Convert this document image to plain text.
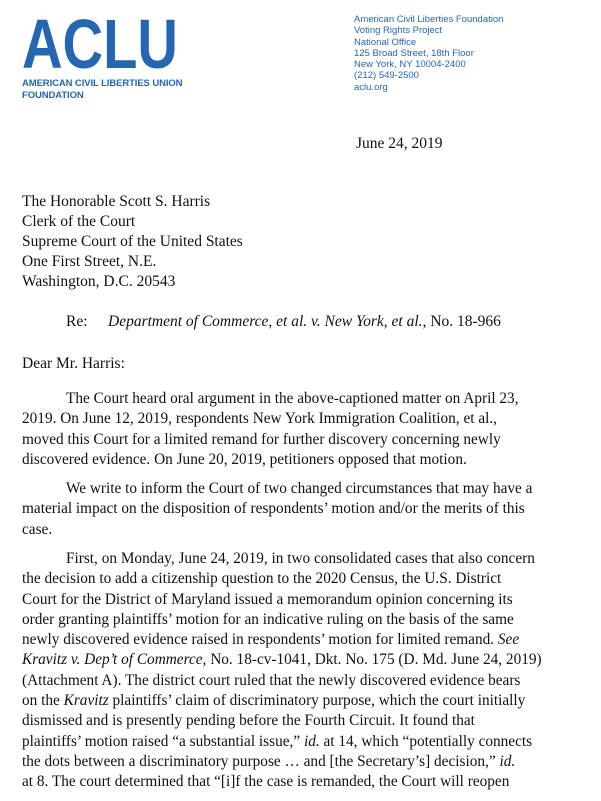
ACLU
AMERICAN CIVIL LIBERTIES UNION
FOUNDATION
American Civil Liberties Foundation
Voting Rights Project
National Office
125 Broad Street, 18th Floor
New York, NY 10004-2400
(212) 549-2500
aclu.org
June 24, 2019
The Honorable Scott S. Harris
Clerk of the Court
Supreme Court of the United States
One First Street, N.E.
Washington, D.C. 20543
Re: Department of Commerce, et al. v. New York, et al., No. 18-966
Dear Mr. Harris:
The Court heard oral argument in the above-captioned matter on April 23,
2019. On June 12, 2019, respondents New York Immigration Coalition, et al.,
moved this Court for a limited remand for further discovery concerning newly
discovered evidence. On June 20, 2019, petitioners opposed that motion.
We write to inform the Court of two changed circumstances that may have a
material impact on the disposition of respondents’ motion and/or the merits of this
case.
First, on Monday, June 24, 2019, in two consolidated cases that also concern
the decision to add a citizenship question to the 2020 Census, the U.S. District
Court for the District of Maryland issued a memorandum opinion concerning its
order granting plaintiffs’ motion for an indicative ruling on the basis of the same
newly discovered evidence raised in respondents’ motion for limited remand. See
Kravitz v. Dep’t of Commerce, No. 18-cv-1041, Dkt. No. 175 (D. Md. June 24, 2019)
(Attachment A). The district court ruled that the newly discovered evidence bears
on the Kravitz plaintiffs’ claim of discriminatory purpose, which the court initially
dismissed and is presently pending before the Fourth Circuit. It found that
plaintiffs’ motion raised “a substantial issue,” id. at 14, which “potentially connects
the dots between a discriminatory purpose … and [the Secretary’s] decision,” id.
at 8. The court determined that “[i]f the case is remanded, the Court will reopen
